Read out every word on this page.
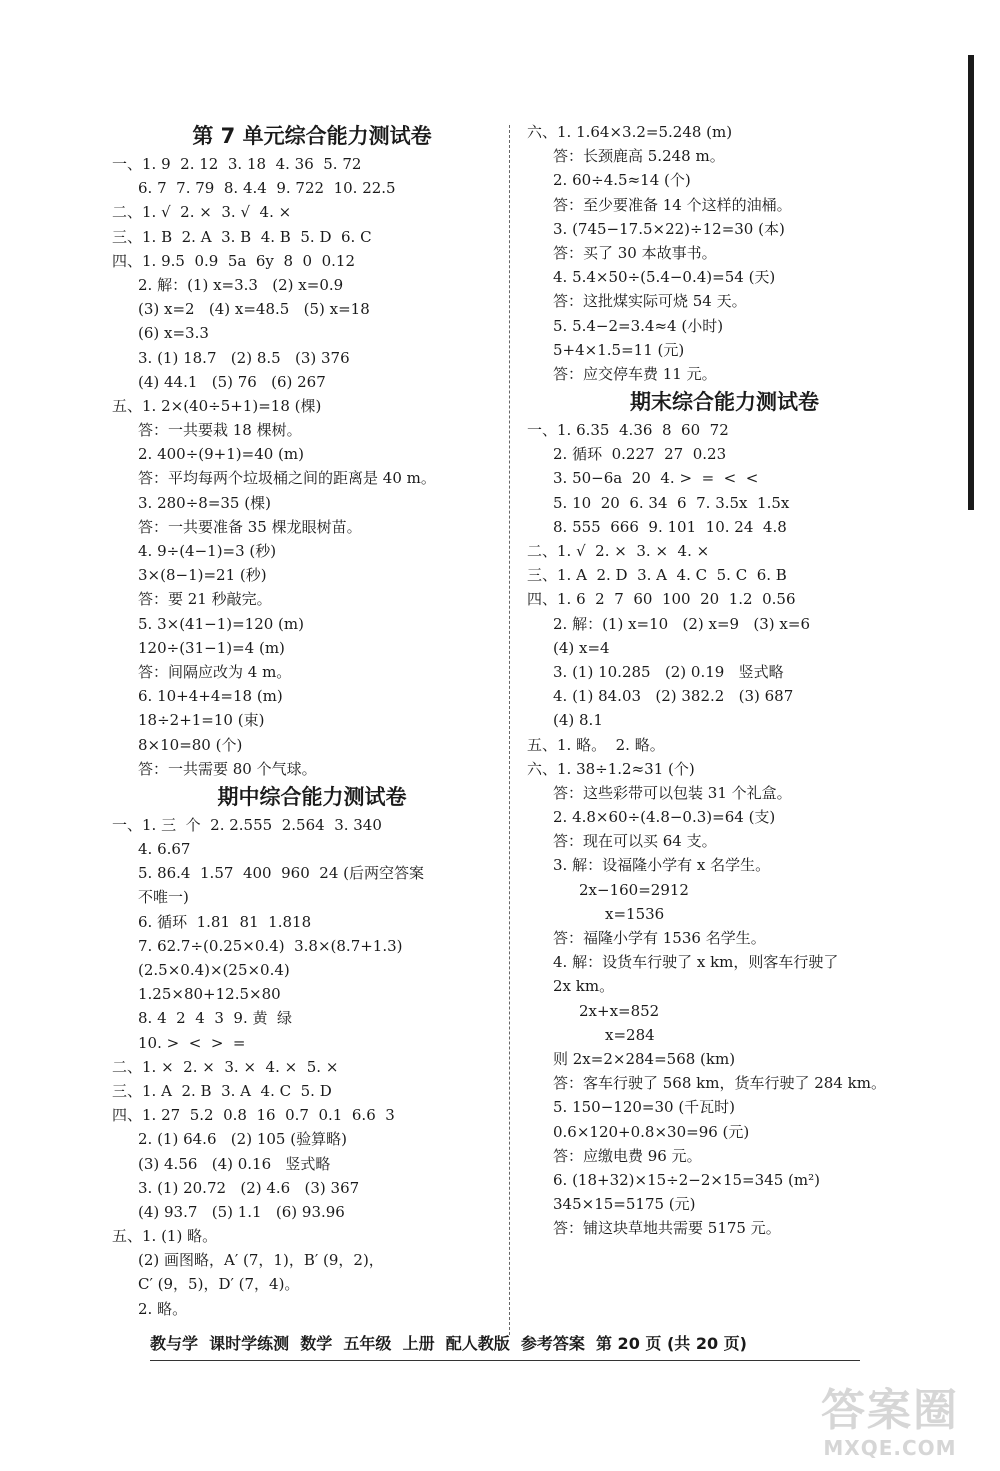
第 7 单元综合能力测试卷
一、1. 9  2. 12  3. 18  4. 36  5. 72
6. 7  7. 79  8. 4.4  9. 722  10. 22.5
二、1. √  2. ×  3. √  4. ×
三、1. B  2. A  3. B  4. B  5. D  6. C
四、1. 9.5  0.9  5a  6y  8  0  0.12
2. 解：(1) x=3.3   (2) x=0.9
(3) x=2   (4) x=48.5   (5) x=18
(6) x=3.3
3. (1) 18.7   (2) 8.5   (3) 376
(4) 44.1   (5) 76   (6) 267
五、1. 2×(40÷5+1)=18 (棵)
答：一共要栽 18 棵树。
2. 400÷(9+1)=40 (m)
答：平均每两个垃圾桶之间的距离是 40 m。
3. 280÷8=35 (棵)
答：一共要准备 35 棵龙眼树苗。
4. 9÷(4−1)=3 (秒)
3×(8−1)=21 (秒)
答：要 21 秒敲完。
5. 3×(41−1)=120 (m)
120÷(31−1)=4 (m)
答：间隔应改为 4 m。
6. 10+4+4=18 (m)
18÷2+1=10 (束)
8×10=80 (个)
答：一共需要 80 个气球。
期中综合能力测试卷
一、1. 三  个  2. 2.555  2.564  3. 340
4. 6.67
5. 86.4  1.57  400  960  24 (后两空答案
不唯一)
6. 循环  1.81  81  1.818
7. 62.7÷(0.25×0.4)  3.8×(8.7+1.3)
(2.5×0.4)×(25×0.4)
1.25×80+12.5×80
8. 4  2  4  3  9. 黄  绿
10. >  <  >  =
二、1. ×  2. ×  3. ×  4. ×  5. ×
三、1. A  2. B  3. A  4. C  5. D
四、1. 27  5.2  0.8  16  0.7  0.1  6.6  3
2. (1) 64.6   (2) 105 (验算略)
(3) 4.56   (4) 0.16   竖式略
3. (1) 20.72   (2) 4.6   (3) 367
(4) 93.7   (5) 1.1   (6) 93.96
五、1. (1) 略。
(2) 画图略，A′ (7，1)，B′ (9，2)，
C′ (9，5)，D′ (7，4)。
2. 略。
六、1. 1.64×3.2=5.248 (m)
答：长颈鹿高 5.248 m。
2. 60÷4.5≈14 (个)
答：至少要准备 14 个这样的油桶。
3. (745−17.5×22)÷12=30 (本)
答：买了 30 本故事书。
4. 5.4×50÷(5.4−0.4)=54 (天)
答：这批煤实际可烧 54 天。
5. 5.4−2=3.4≈4 (小时)
5+4×1.5=11 (元)
答：应交停车费 11 元。
期末综合能力测试卷
一、1. 6.35  4.36  8  60  72
2. 循环  0.227  27  0.23
3. 50−6a  20  4. >  =  <  <
5. 10  20  6. 34  6  7. 3.5x  1.5x
8. 555  666  9. 101  10. 24  4.8
二、1. √  2. ×  3. ×  4. ×
三、1. A  2. D  3. A  4. C  5. C  6. B
四、1. 6  2  7  60  100  20  1.2  0.56
2. 解：(1) x=10   (2) x=9   (3) x=6
(4) x=4
3. (1) 10.285   (2) 0.19   竖式略
4. (1) 84.03   (2) 382.2   (3) 687
(4) 8.1
五、1. 略。  2. 略。
六、1. 38÷1.2≈31 (个)
答：这些彩带可以包装 31 个礼盒。
2. 4.8×60÷(4.8−0.3)=64 (支)
答：现在可以买 64 支。
3. 解：设福隆小学有 x 名学生。
2x−160=2912
x=1536
答：福隆小学有 1536 名学生。
4. 解：设货车行驶了 x km，则客车行驶了
2x km。
2x+x=852
x=284
则 2x=2×284=568 (km)
答：客车行驶了 568 km，货车行驶了 284 km。
5. 150−120=30 (千瓦时)
0.6×120+0.8×30=96 (元)
答：应缴电费 96 元。
6. (18+32)×15÷2−2×15=345 (m²)
345×15=5175 (元)
答：铺这块草地共需要 5175 元。
教与学  课时学练测  数学  五年级  上册  配人教版  参考答案  第 20 页 (共 20 页)
答案圈
MXQE.COM
